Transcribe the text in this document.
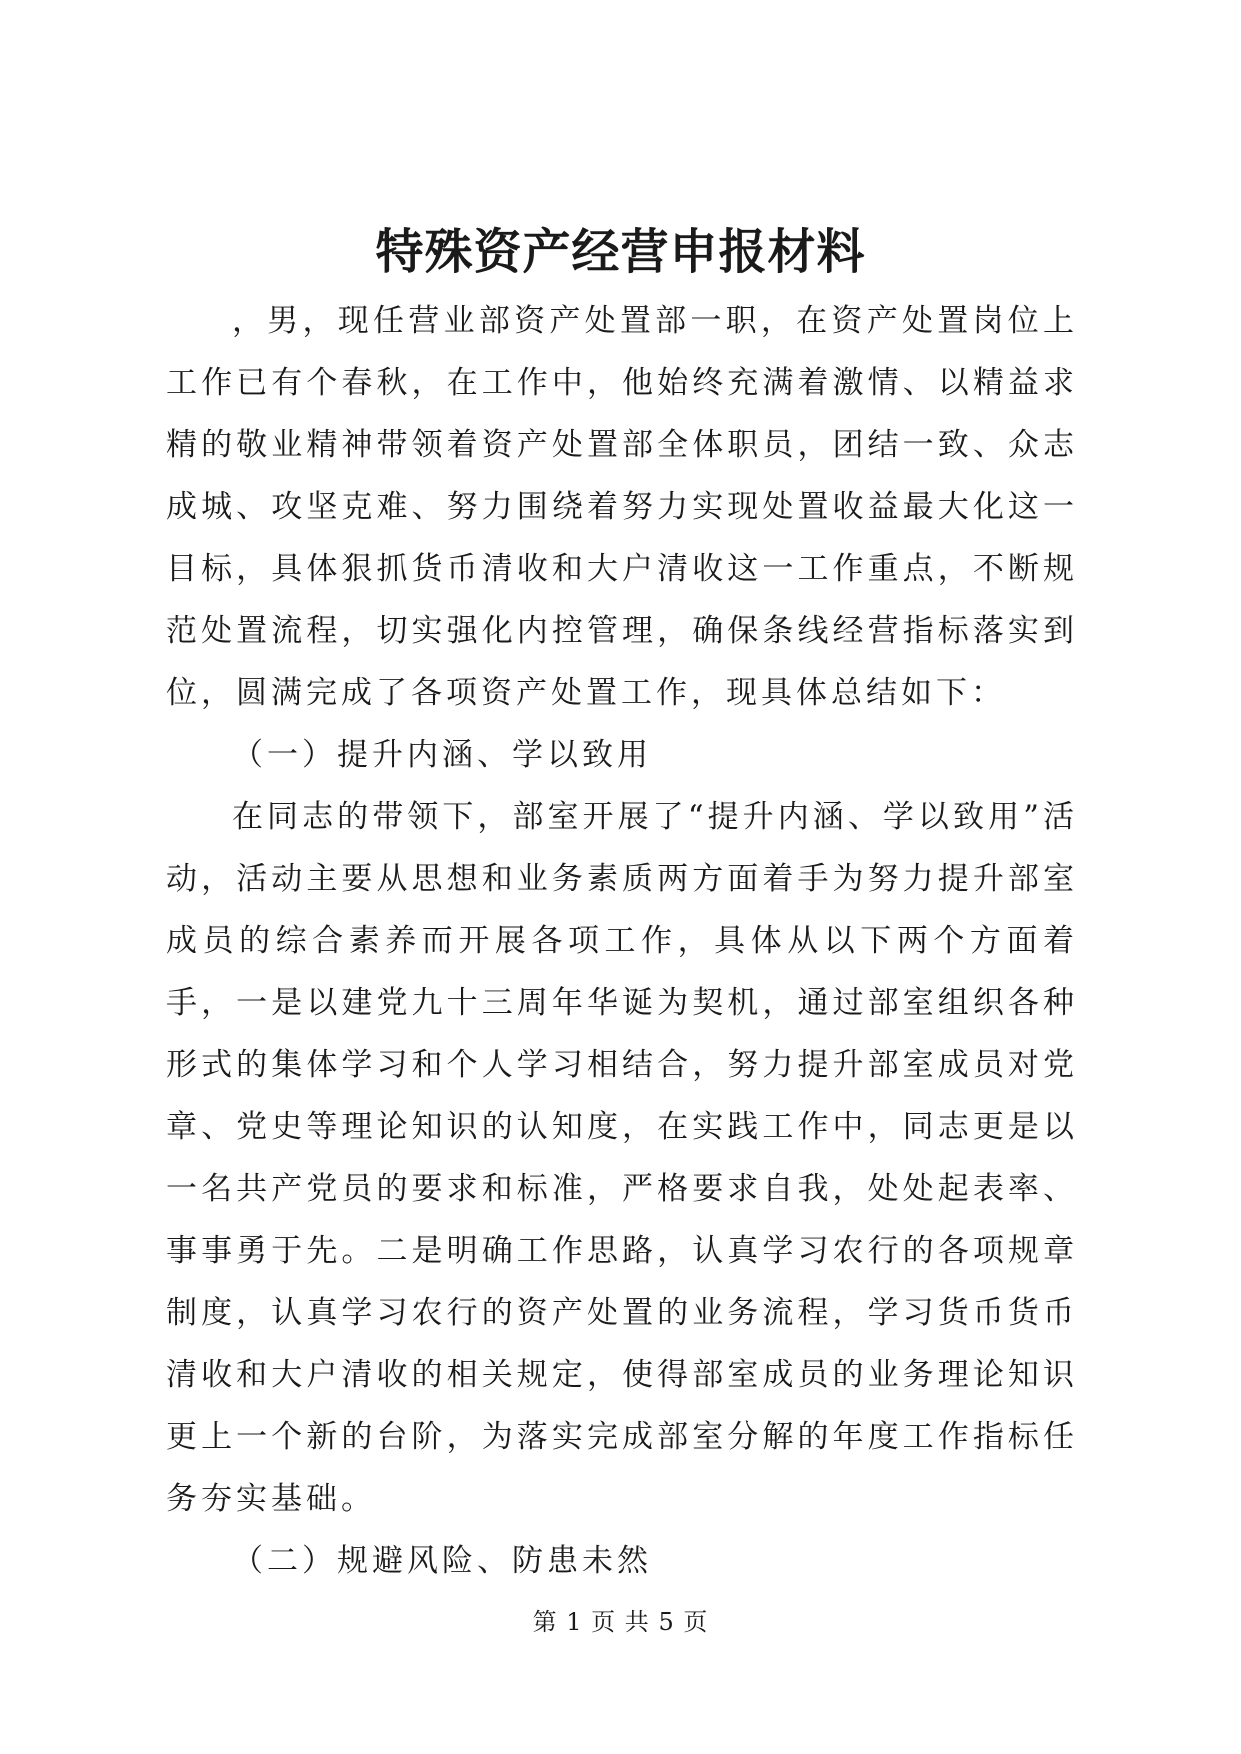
特殊资产经营申报材料

，男，现任营业部资产处置部一职，在资产处置岗位上工作已有个春秋，在工作中，他始终充满着激情、以精益求精的敬业精神带领着资产处置部全体职员，团结一致、众志成城、攻坚克难、努力围绕着努力实现处置收益最大化这一目标，具体狠抓货币清收和大户清收这一工作重点，不断规范处置流程，切实强化内控管理，确保条线经营指标落实到位，圆满完成了各项资产处置工作，现具体总结如下：

（一）提升内涵、学以致用

在同志的带领下，部室开展了“提升内涵、学以致用”活动，活动主要从思想和业务素质两方面着手为努力提升部室成员的综合素养而开展各项工作，具体从以下两个方面着手，一是以建党九十三周年华诞为契机，通过部室组织各种形式的集体学习和个人学习相结合，努力提升部室成员对党章、党史等理论知识的认知度，在实践工作中，同志更是以一名共产党员的要求和标准，严格要求自我，处处起表率、事事勇于先。二是明确工作思路，认真学习农行的各项规章制度，认真学习农行的资产处置的业务流程，学习货币货币清收和大户清收的相关规定，使得部室成员的业务理论知识更上一个新的台阶，为落实完成部室分解的年度工作指标任务夯实基础。

（二）规避风险、防患未然

第 1 页 共 5 页
